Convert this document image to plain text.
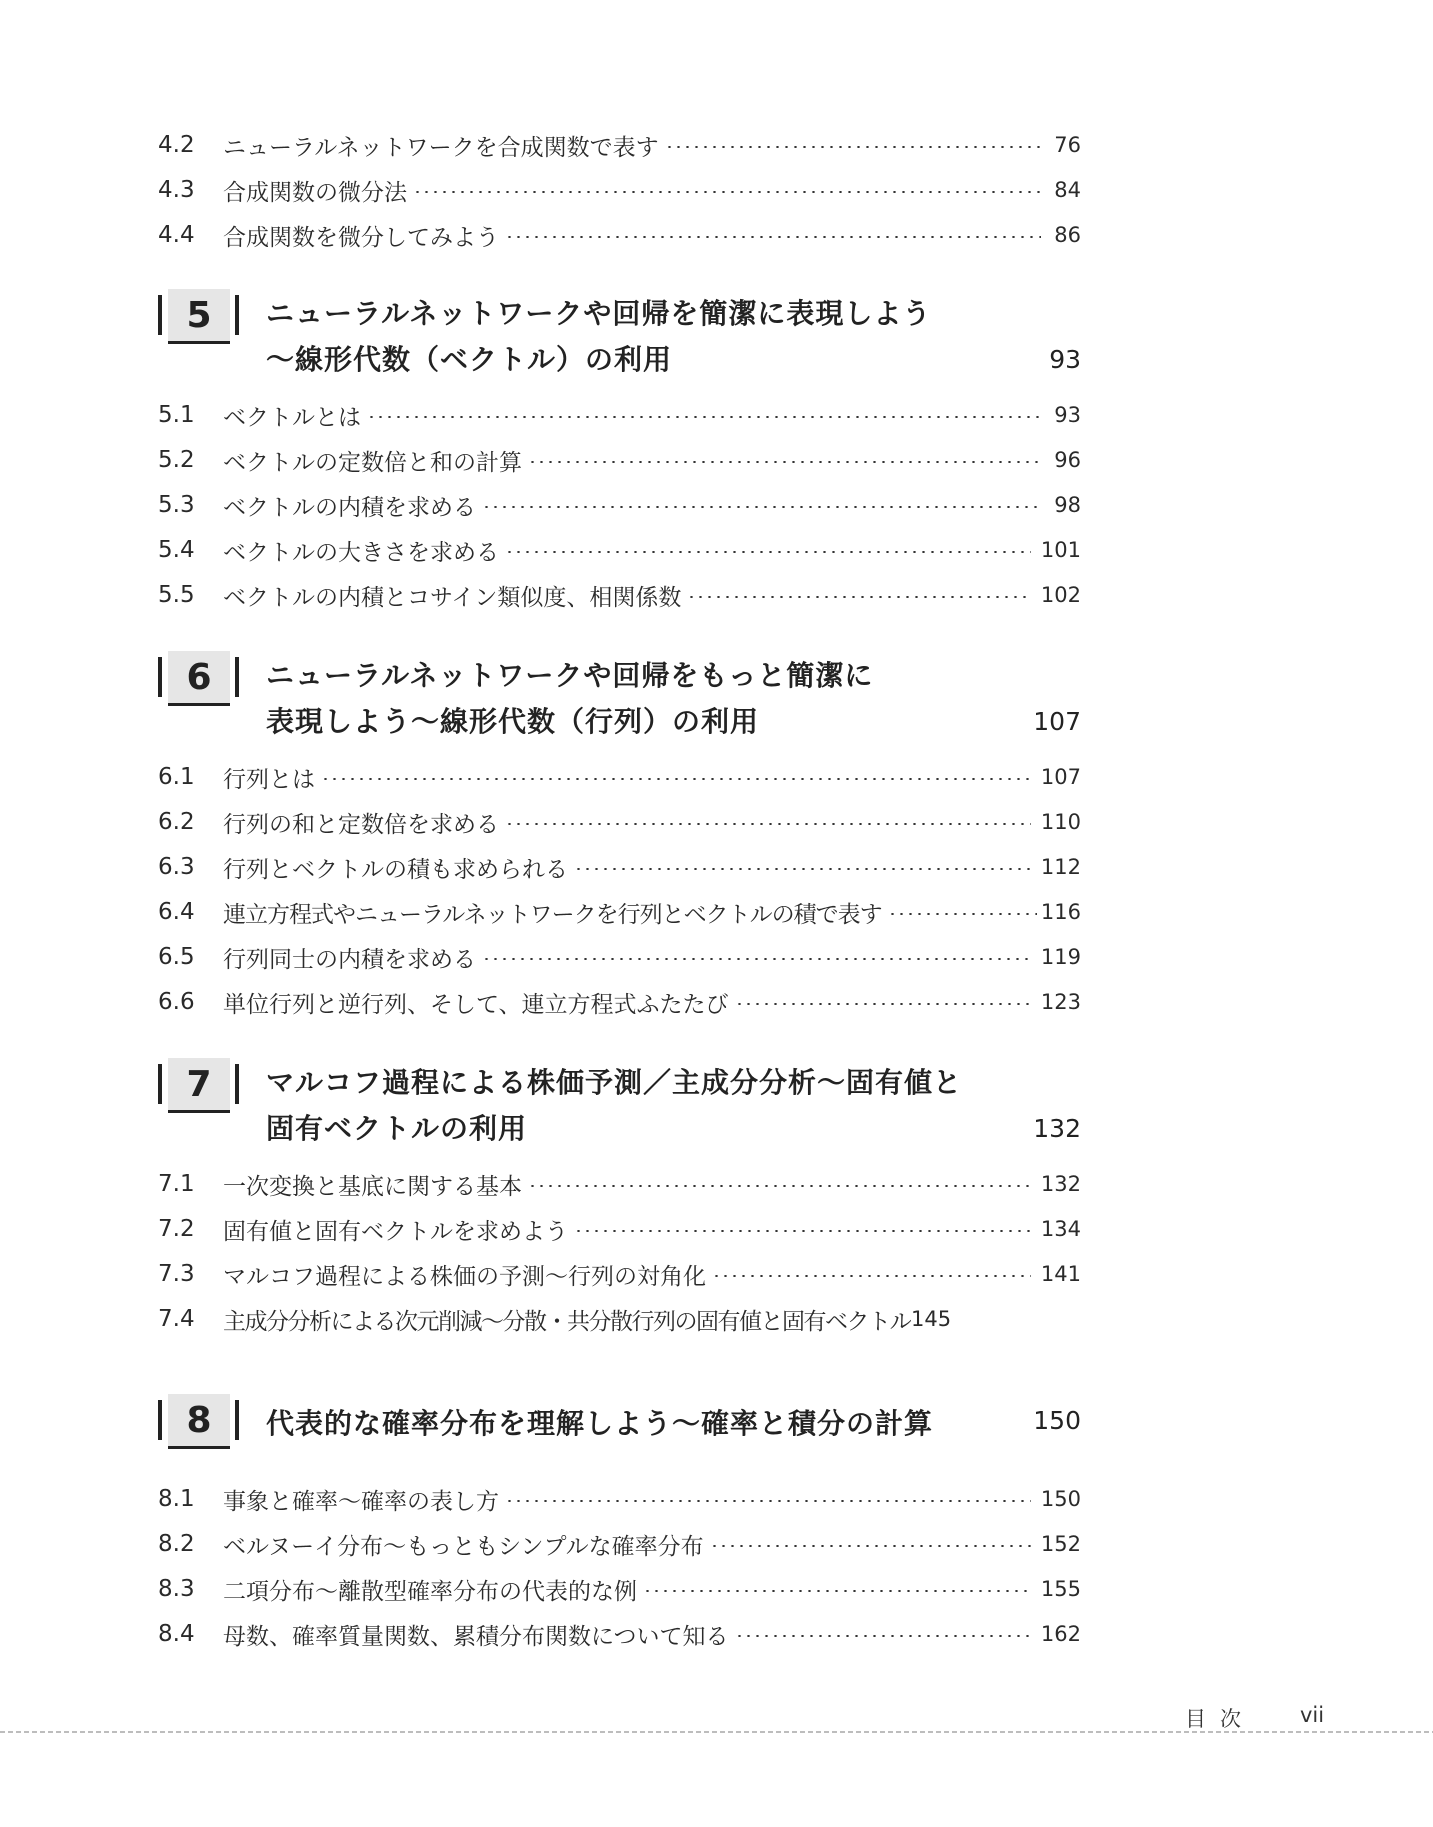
4.2	ニューラルネットワークを合成関数で表す	76
4.3	合成関数の微分法	84
4.4	合成関数を微分してみよう	86
5	ニューラルネットワークや回帰を簡潔に表現しよう
～線形代数（ベクトル）の利用	93
5.1	ベクトルとは	93
5.2	ベクトルの定数倍と和の計算	96
5.3	ベクトルの内積を求める	98
5.4	ベクトルの大きさを求める	101
5.5	ベクトルの内積とコサイン類似度、相関係数	102
6	ニューラルネットワークや回帰をもっと簡潔に
表現しよう～線形代数（行列）の利用	107
6.1	行列とは	107
6.2	行列の和と定数倍を求める	110
6.3	行列とベクトルの積も求められる	112
6.4	連立方程式やニューラルネットワークを行列とベクトルの積で表す	116
6.5	行列同士の内積を求める	119
6.6	単位行列と逆行列、そして、連立方程式ふたたび	123
7	マルコフ過程による株価予測／主成分分析～固有値と
固有ベクトルの利用	132
7.1	一次変換と基底に関する基本	132
7.2	固有値と固有ベクトルを求めよう	134
7.3	マルコフ過程による株価の予測～行列の対角化	141
7.4	主成分分析による次元削減～分散・共分散行列の固有値と固有ベクトル 145
8	代表的な確率分布を理解しよう～確率と積分の計算	150
8.1	事象と確率～確率の表し方	150
8.2	ベルヌーイ分布～もっともシンプルな確率分布	152
8.3	二項分布～離散型確率分布の代表的な例	155
8.4	母数、確率質量関数、累積分布関数について知る	162
目次 vii
